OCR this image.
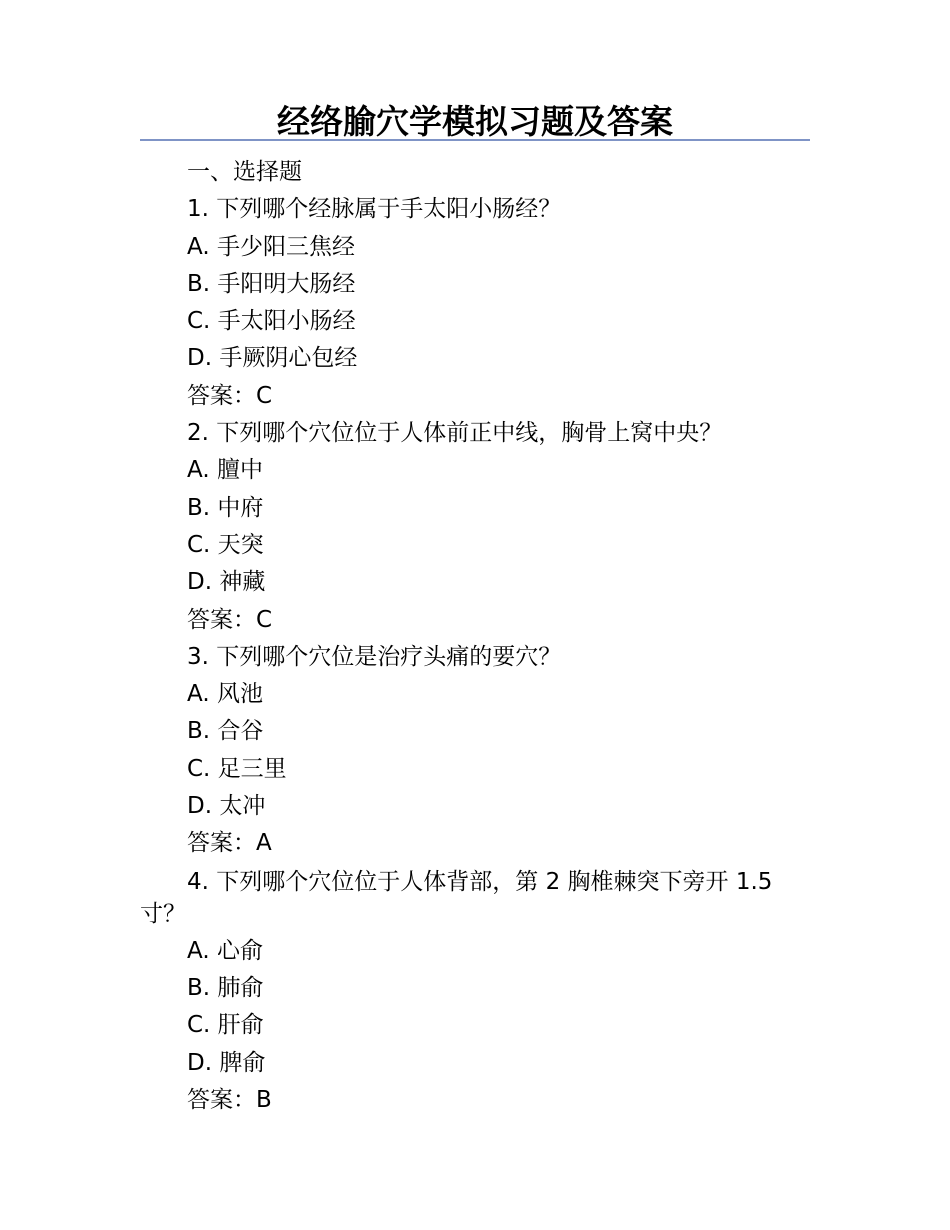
经络腧穴学模拟习题及答案
一、选择题
1. 下列哪个经脉属于手太阳小肠经？
A. 手少阳三焦经
B. 手阳明大肠经
C. 手太阳小肠经
D. 手厥阴心包经
答案：C
2. 下列哪个穴位位于人体前正中线，胸骨上窝中央？
A. 膻中
B. 中府
C. 天突
D. 神藏
答案：C
3. 下列哪个穴位是治疗头痛的要穴？
A. 风池
B. 合谷
C. 足三里
D. 太冲
答案：A
4. 下列哪个穴位位于人体背部，第 2 胸椎棘突下旁开 1.5 寸？
A. 心俞
B. 肺俞
C. 肝俞
D. 脾俞
答案：B
